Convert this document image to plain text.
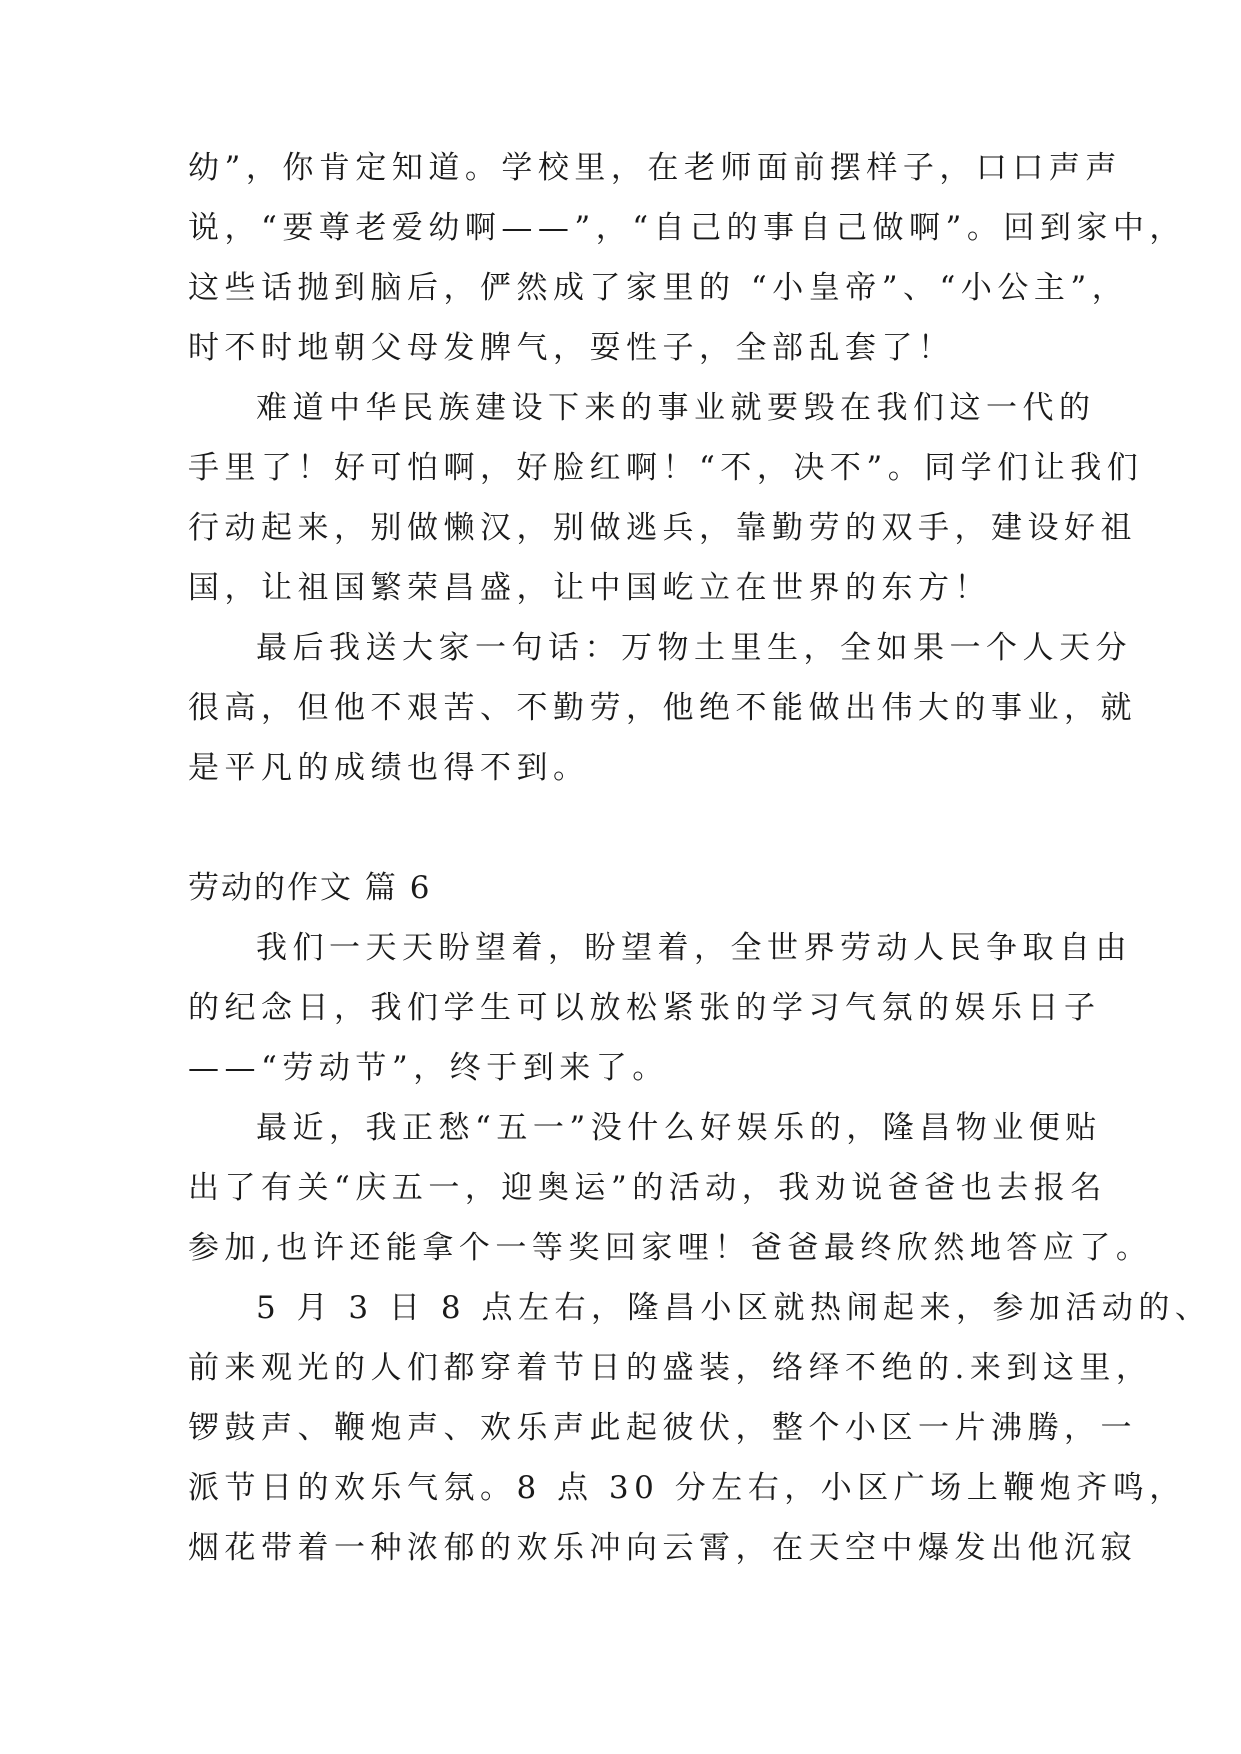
幼”，你肯定知道。学校里，在老师面前摆样子，口口声声
说，“要尊老爱幼啊——”，“自己的事自己做啊”。回到家中，
这些话抛到脑后，俨然成了家里的 “小皇帝”、“小公主”，
时不时地朝父母发脾气，耍性子，全部乱套了！
难道中华民族建设下来的事业就要毁在我们这一代的
手里了！好可怕啊，好脸红啊！“不，决不”。同学们让我们
行动起来，别做懒汉，别做逃兵，靠勤劳的双手，建设好祖
国，让祖国繁荣昌盛，让中国屹立在世界的东方！
最后我送大家一句话：万物土里生，全如果一个人天分
很高，但他不艰苦、不勤劳，他绝不能做出伟大的事业，就
是平凡的成绩也得不到。
劳动的作文 篇 6
我们一天天盼望着，盼望着，全世界劳动人民争取自由
的纪念日，我们学生可以放松紧张的学习气氛的娱乐日子
——“劳动节”，终于到来了。
最近，我正愁“五一”没什么好娱乐的，隆昌物业便贴
出了有关“庆五一，迎奥运”的活动，我劝说爸爸也去报名
参加,也许还能拿个一等奖回家哩！爸爸最终欣然地答应了。
5 月 3 日 8 点左右，隆昌小区就热闹起来，参加活动的、
前来观光的人们都穿着节日的盛装，络绎不绝的.来到这里，
锣鼓声、鞭炮声、欢乐声此起彼伏，整个小区一片沸腾，一
派节日的欢乐气氛。8 点 30 分左右，小区广场上鞭炮齐鸣，
烟花带着一种浓郁的欢乐冲向云霄，在天空中爆发出他沉寂
